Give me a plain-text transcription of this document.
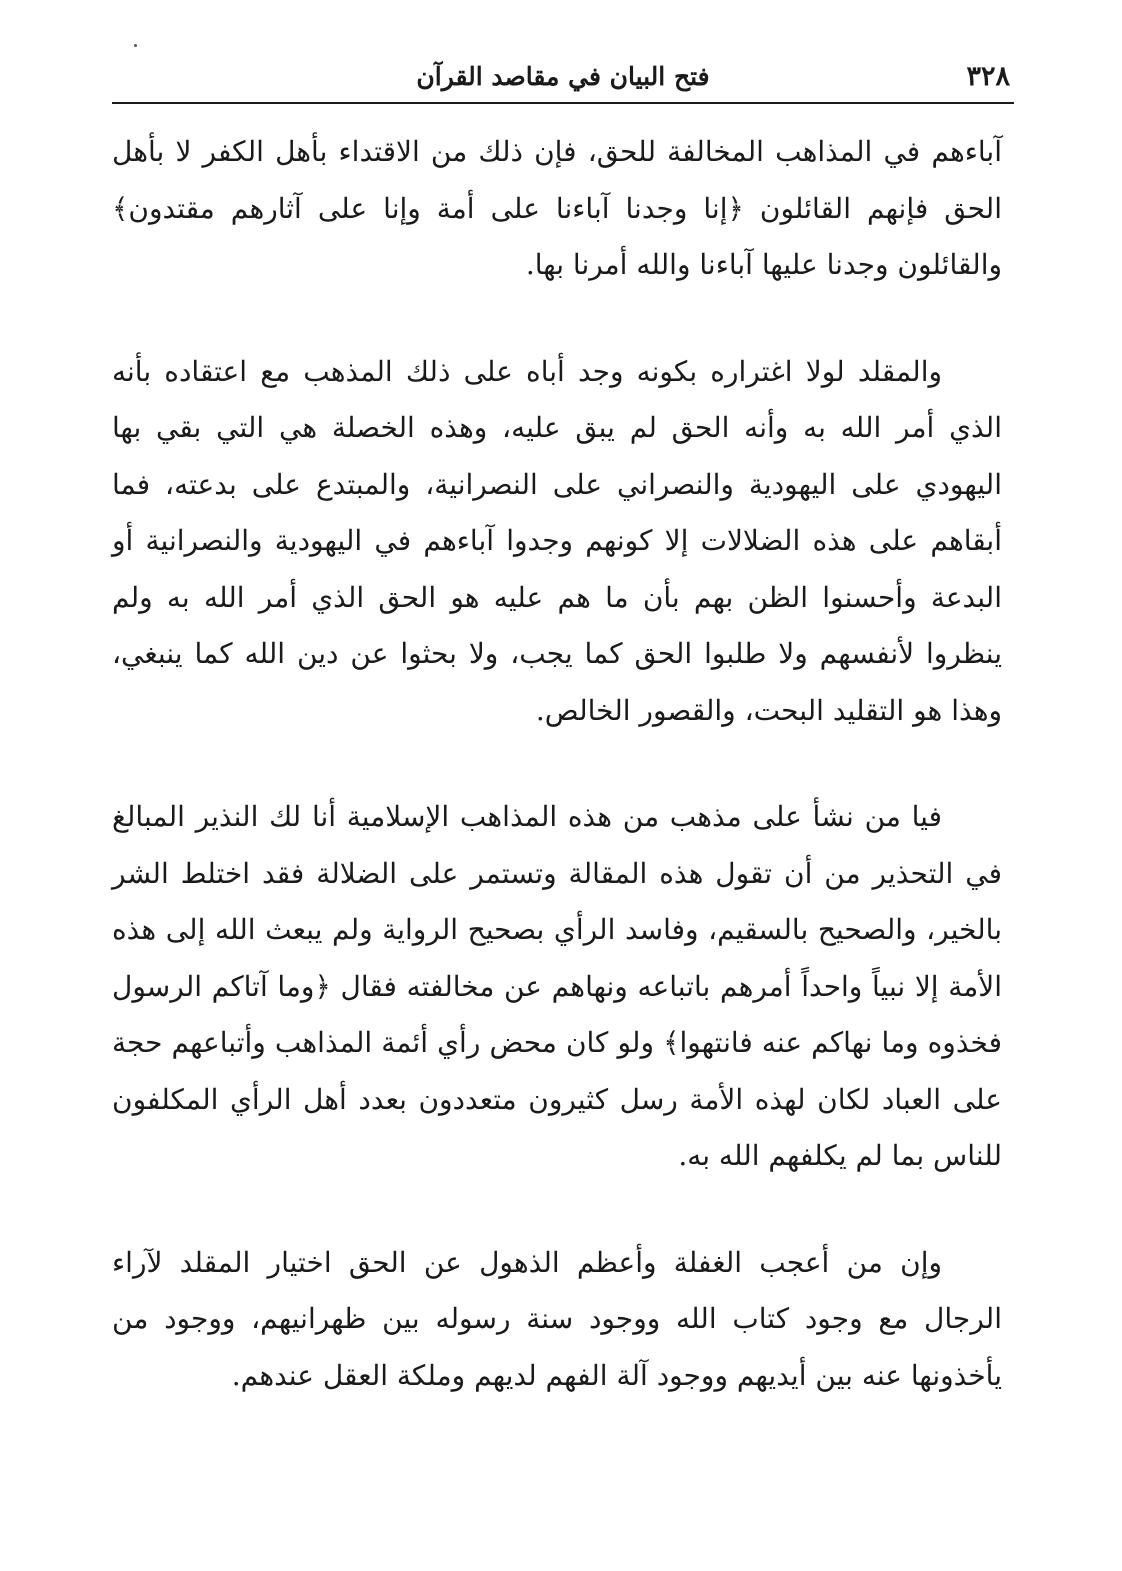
٣٢٨
فتح البيان في مقاصد القرآن

آباءهم في المذاهب المخالفة للحق، فإن ذلك من الاقتداء بأهل الكفر لا بأهل الحق فإنهم القائلون ﴿إنا وجدنا آباءنا على أمة وإنا على آثارهم مقتدون﴾ والقائلون وجدنا عليها آباءنا والله أمرنا بها.

والمقلد لولا اغتراره بكونه وجد أباه على ذلك المذهب مع اعتقاده بأنه الذي أمر الله به وأنه الحق لم يبق عليه، وهذه الخصلة هي التي بقي بها اليهودي على اليهودية والنصراني على النصرانية، والمبتدع على بدعته، فما أبقاهم على هذه الضلالات إلا كونهم وجدوا آباءهم في اليهودية والنصرانية أو البدعة وأحسنوا الظن بهم بأن ما هم عليه هو الحق الذي أمر الله به ولم ينظروا لأنفسهم ولا طلبوا الحق كما يجب، ولا بحثوا عن دين الله كما ينبغي، وهذا هو التقليد البحت، والقصور الخالص.

فيا من نشأ على مذهب من هذه المذاهب الإسلامية أنا لك النذير المبالغ في التحذير من أن تقول هذه المقالة وتستمر على الضلالة فقد اختلط الشر بالخير، والصحيح بالسقيم، وفاسد الرأي بصحيح الرواية ولم يبعث الله إلى هذه الأمة إلا نبياً واحداً أمرهم باتباعه ونهاهم عن مخالفته فقال ﴿وما آتاكم الرسول فخذوه وما نهاكم عنه فانتهوا﴾ ولو كان محض رأي أئمة المذاهب وأتباعهم حجة على العباد لكان لهذه الأمة رسل كثيرون متعددون بعدد أهل الرأي المكلفون للناس بما لم يكلفهم الله به.

وإن من أعجب الغفلة وأعظم الذهول عن الحق اختيار المقلد لآراء الرجال مع وجود كتاب الله ووجود سنة رسوله بين ظهرانيهم، ووجود من يأخذونها عنه بين أيديهم ووجود آلة الفهم لديهم وملكة العقل عندهم.
